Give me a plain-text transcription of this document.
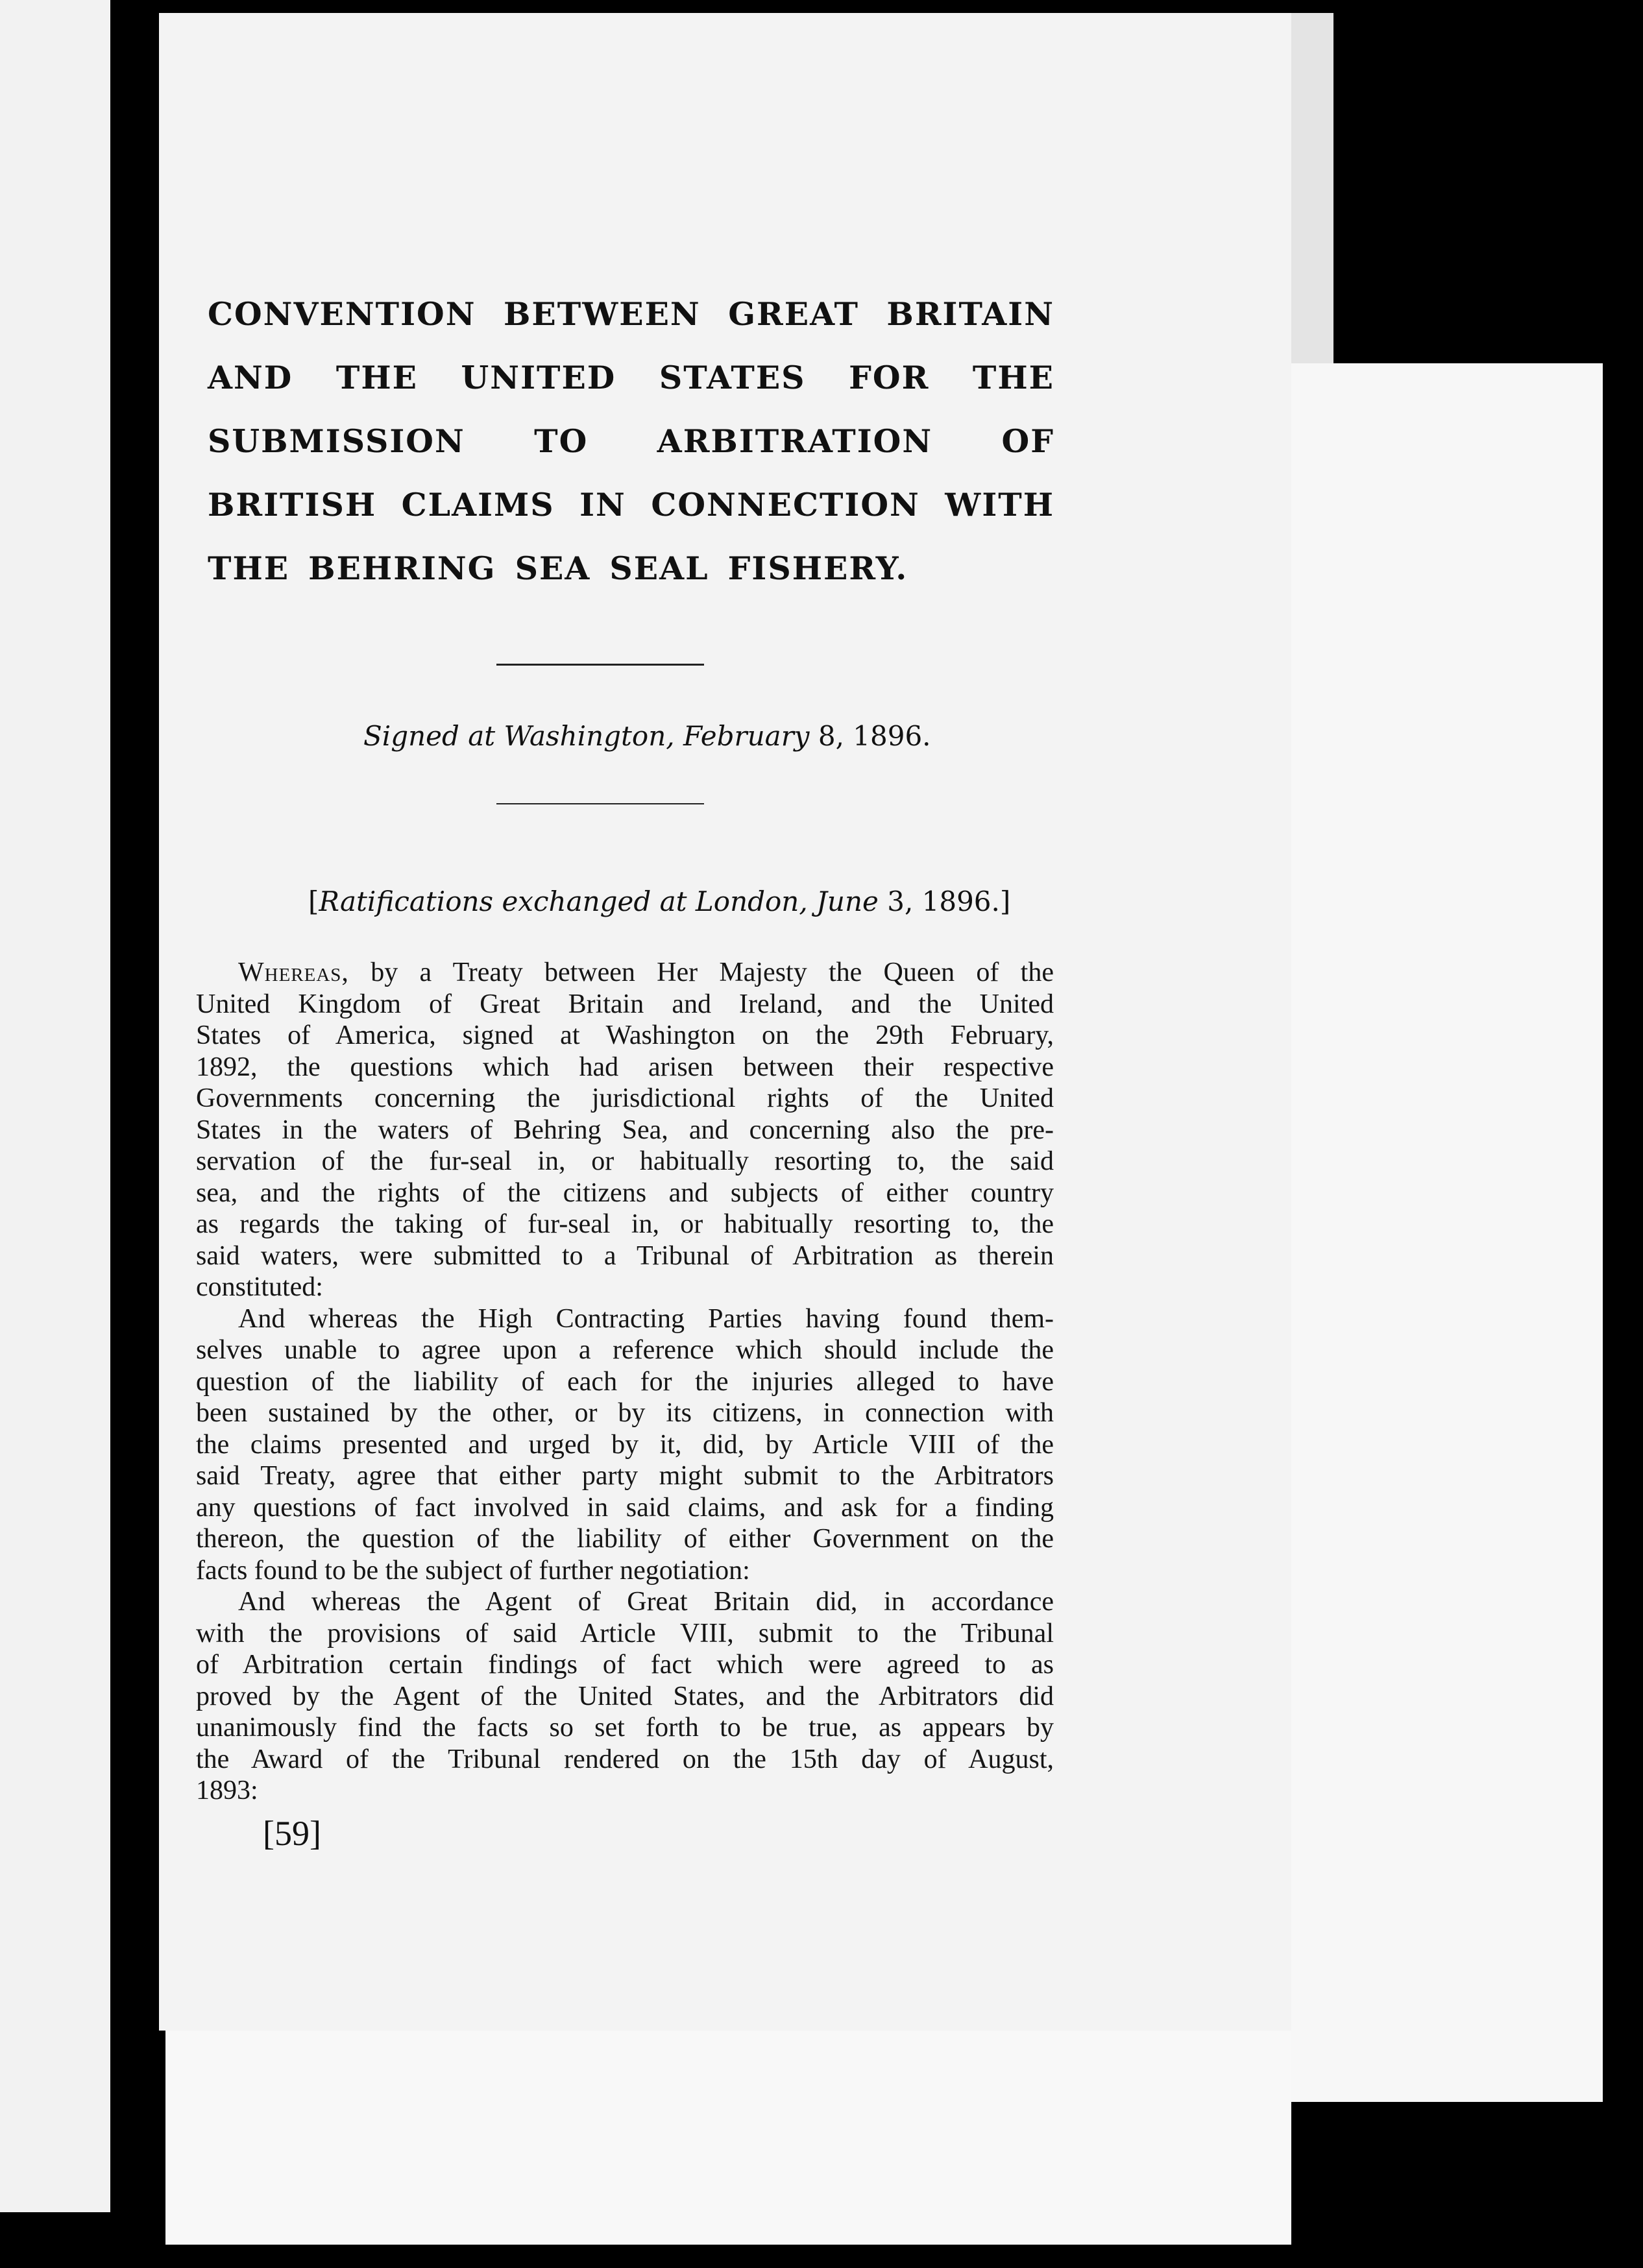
CONVENTION BETWEEN GREAT BRITAIN
AND THE UNITED STATES FOR THE
SUBMISSION TO ARBITRATION OF
BRITISH CLAIMS IN CONNECTION WITH
THE BEHRING SEA SEAL FISHERY.
Signed at Washington, February 8, 1896.
[Ratifications exchanged at London, June 3, 1896.]
Whereas, by a Treaty between Her Majesty the Queen of the
United Kingdom of Great Britain and Ireland, and the United
States of America, signed at Washington on the 29th February,
1892, the questions which had arisen between their respective
Governments concerning the jurisdictional rights of the United
States in the waters of Behring Sea, and concerning also the pre-
servation of the fur-seal in, or habitually resorting to, the said
sea, and the rights of the citizens and subjects of either country
as regards the taking of fur-seal in, or habitually resorting to, the
said waters, were submitted to a Tribunal of Arbitration as therein
constituted:
And whereas the High Contracting Parties having found them-
selves unable to agree upon a reference which should include the
question of the liability of each for the injuries alleged to have
been sustained by the other, or by its citizens, in connection with
the claims presented and urged by it, did, by Article VIII of the
said Treaty, agree that either party might submit to the Arbitrators
any questions of fact involved in said claims, and ask for a finding
thereon, the question of the liability of either Government on the
facts found to be the subject of further negotiation:
And whereas the Agent of Great Britain did, in accordance
with the provisions of said Article VIII, submit to the Tribunal
of Arbitration certain findings of fact which were agreed to as
proved by the Agent of the United States, and the Arbitrators did
unanimously find the facts so set forth to be true, as appears by
the Award of the Tribunal rendered on the 15th day of August,
1893:
[59]
